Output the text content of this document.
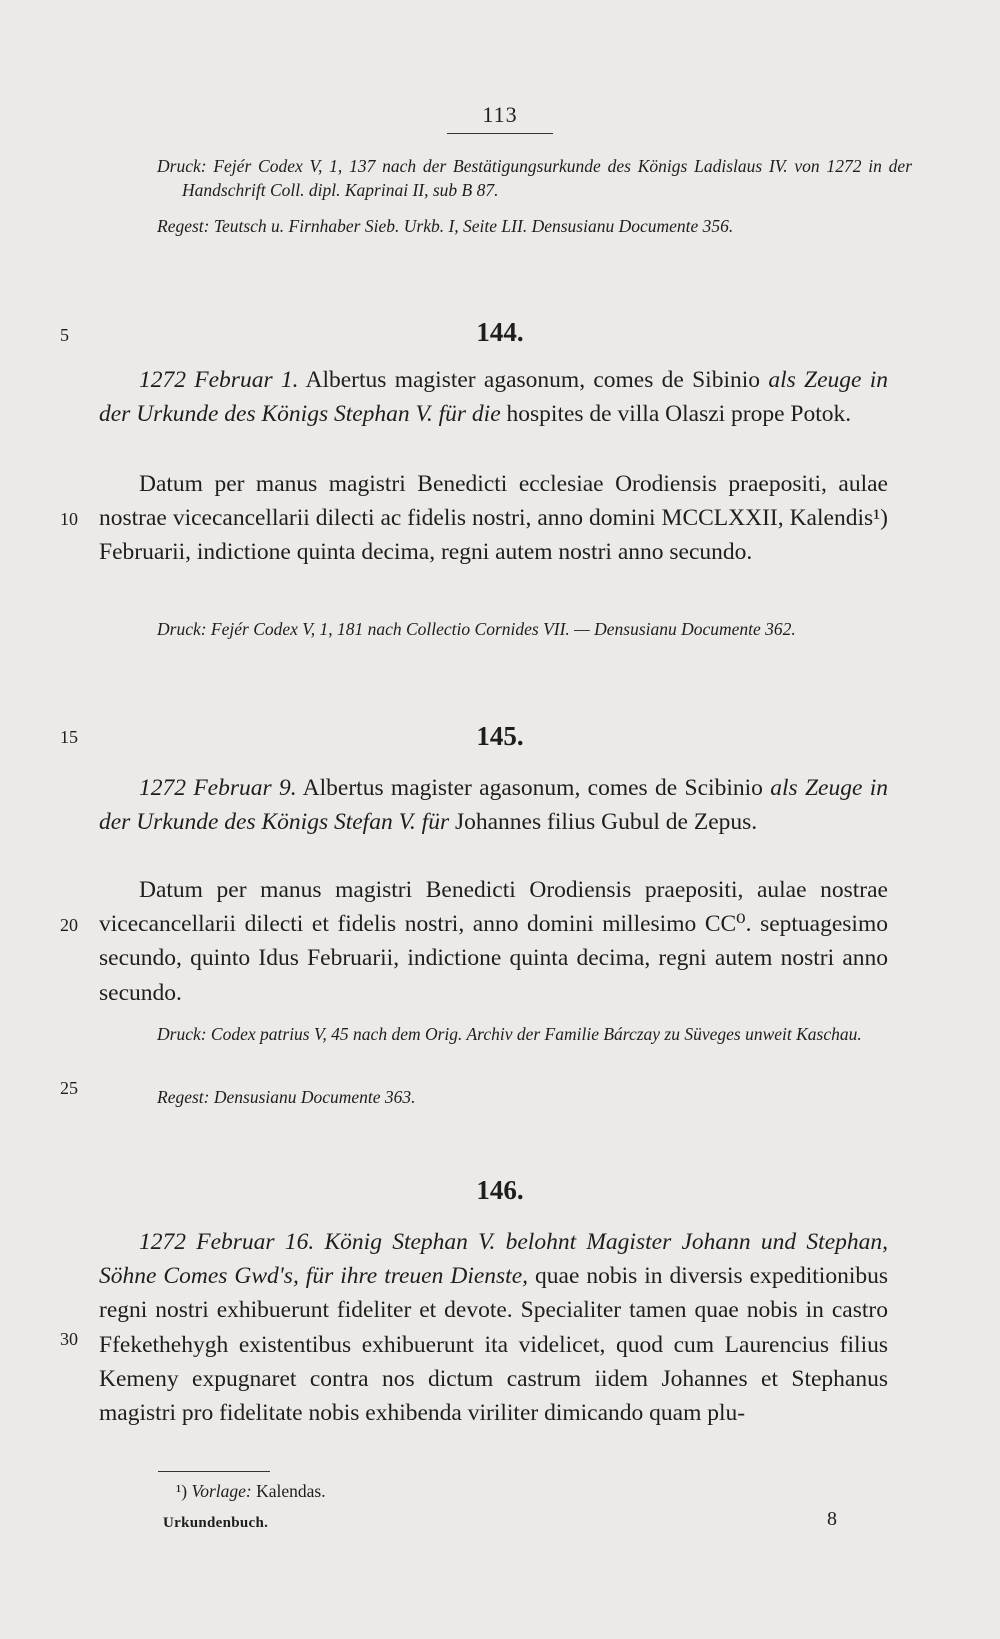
113

Druck: Fejér Codex V, 1, 137 nach der Bestätigungsurkunde des Königs Ladislaus IV. von 1272 in der Handschrift Coll. dipl. Kaprinai II, sub B 87.

Regest: Teutsch u. Firnhaber Sieb. Urkb. I, Seite LII. Densusianu Documente 356.

5
10
15
20
25
30
144.

1272 Februar 1. Albertus magister agasonum, comes de Sibinio als Zeuge in der Urkunde des Königs Stephan V. für die hospites de villa Olaszi prope Potok.

Datum per manus magistri Benedicti ecclesiae Orodiensis praepositi, aulae nostrae vicecancellarii dilecti ac fidelis nostri, anno domini MCCLXXII, Kalendis¹) Februarii, indictione quinta decima, regni autem nostri anno secundo.

Druck: Fejér Codex V, 1, 181 nach Collectio Cornides VII. — Densusianu Documente 362.

145.

1272 Februar 9. Albertus magister agasonum, comes de Scibinio als Zeuge in der Urkunde des Königs Stefan V. für Johannes filius Gubul de Zepus.

Datum per manus magistri Benedicti Orodiensis praepositi, aulae nostrae vicecancellarii dilecti et fidelis nostri, anno domini millesimo CC⁰. septuagesimo secundo, quinto Idus Februarii, indictione quinta decima, regni autem nostri anno secundo.

Druck: Codex patrius V, 45 nach dem Orig. Archiv der Familie Bárczay zu Süveges unweit Kaschau.

Regest: Densusianu Documente 363.

146.

1272 Februar 16. König Stephan V. belohnt Magister Johann und Stephan, Söhne Comes Gwd's, für ihre treuen Dienste, quae nobis in diversis expeditionibus regni nostri exhibuerunt fideliter et devote. Specialiter tamen quae nobis in castro Ffekethehygh existentibus exhibuerunt ita videlicet, quod cum Laurencius filius Kemeny expugnaret contra nos dictum castrum iidem Johannes et Stephanus magistri pro fidelitate nobis exhibenda viriliter dimicando quam plu-

¹) Vorlage: Kalendas.
Urkundenbuch.	8
